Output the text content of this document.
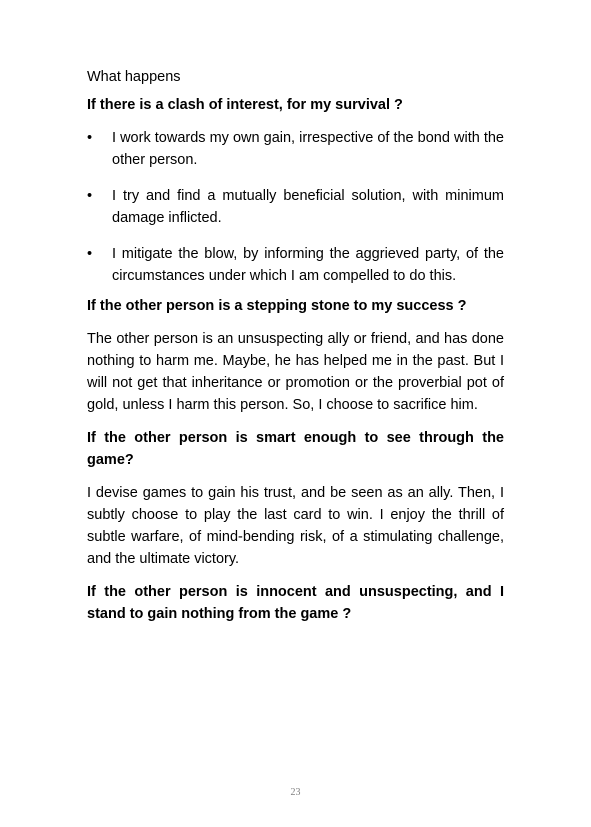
What happens

If there is a clash of interest, for my survival ?

• I work towards my own gain, irrespective of the bond with the other person.
• I try and find a mutually beneficial solution, with minimum damage inflicted.
• I mitigate the blow, by informing the aggrieved party, of the circumstances under which I am compelled to do this.

If the other person is a stepping stone to my success ?

The other person is an unsuspecting ally or friend, and has done nothing to harm me. Maybe, he has helped me in the past. But I will not get that inheritance or promotion or the proverbial pot of gold, unless I harm this person. So, I choose to sacrifice him.

If the other person is smart enough to see through the game?

I devise games to gain his trust, and be seen as an ally. Then, I subtly choose to play the last card to win. I enjoy the thrill of subtle warfare, of mind-bending risk, of a stimulating challenge, and the ultimate victory.

If the other person is innocent and unsuspecting, and I stand to gain nothing from the game ?

23
